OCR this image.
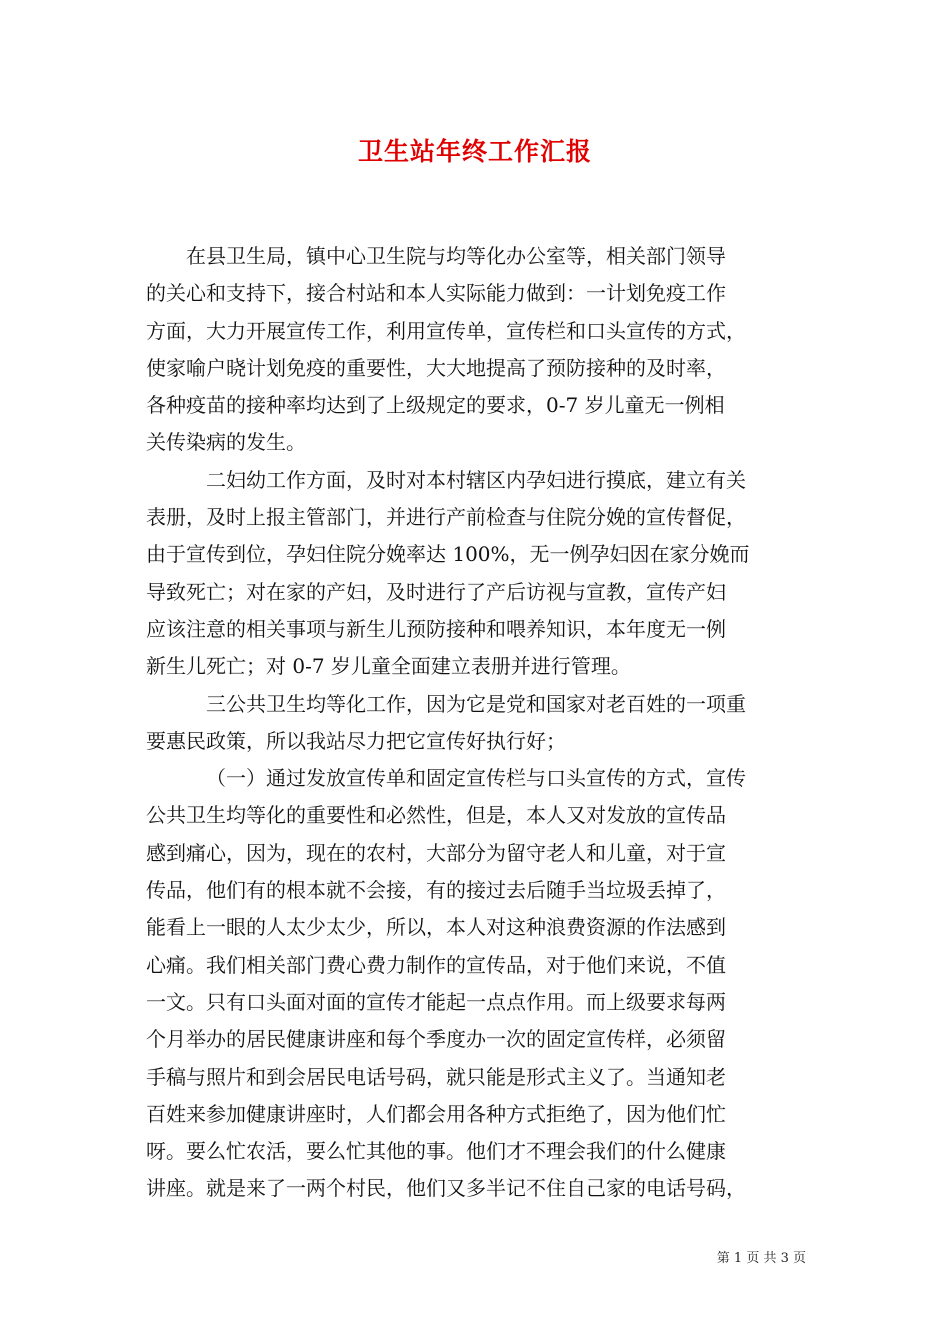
卫生站年终工作汇报
在县卫生局，镇中心卫生院与均等化办公室等，相关部门领导
的关心和支持下，接合村站和本人实际能力做到：一计划免疫工作
方面，大力开展宣传工作，利用宣传单，宣传栏和口头宣传的方式，
使家喻户晓计划免疫的重要性，大大地提高了预防接种的及时率，
各种疫苗的接种率均达到了上级规定的要求，0-7 岁儿童无一例相
关传染病的发生。
二妇幼工作方面，及时对本村辖区内孕妇进行摸底，建立有关
表册，及时上报主管部门，并进行产前检查与住院分娩的宣传督促，
由于宣传到位，孕妇住院分娩率达 100%，无一例孕妇因在家分娩而
导致死亡；对在家的产妇，及时进行了产后访视与宣教，宣传产妇
应该注意的相关事项与新生儿预防接种和喂养知识，本年度无一例
新生儿死亡；对 0-7 岁儿童全面建立表册并进行管理。
三公共卫生均等化工作，因为它是党和国家对老百姓的一项重
要惠民政策，所以我站尽力把它宣传好执行好；
（一）通过发放宣传单和固定宣传栏与口头宣传的方式，宣传
公共卫生均等化的重要性和必然性，但是，本人又对发放的宣传品
感到痛心，因为，现在的农村，大部分为留守老人和儿童，对于宣
传品，他们有的根本就不会接，有的接过去后随手当垃圾丢掉了，
能看上一眼的人太少太少，所以，本人对这种浪费资源的作法感到
心痛。我们相关部门费心费力制作的宣传品，对于他们来说，不值
一文。只有口头面对面的宣传才能起一点点作用。而上级要求每两
个月举办的居民健康讲座和每个季度办一次的固定宣传样，必须留
手稿与照片和到会居民电话号码，就只能是形式主义了。当通知老
百姓来参加健康讲座时，人们都会用各种方式拒绝了，因为他们忙
呀。要么忙农活，要么忙其他的事。他们才不理会我们的什么健康
讲座。就是来了一两个村民，他们又多半记不住自己家的电话号码，
第 1 页 共 3 页
